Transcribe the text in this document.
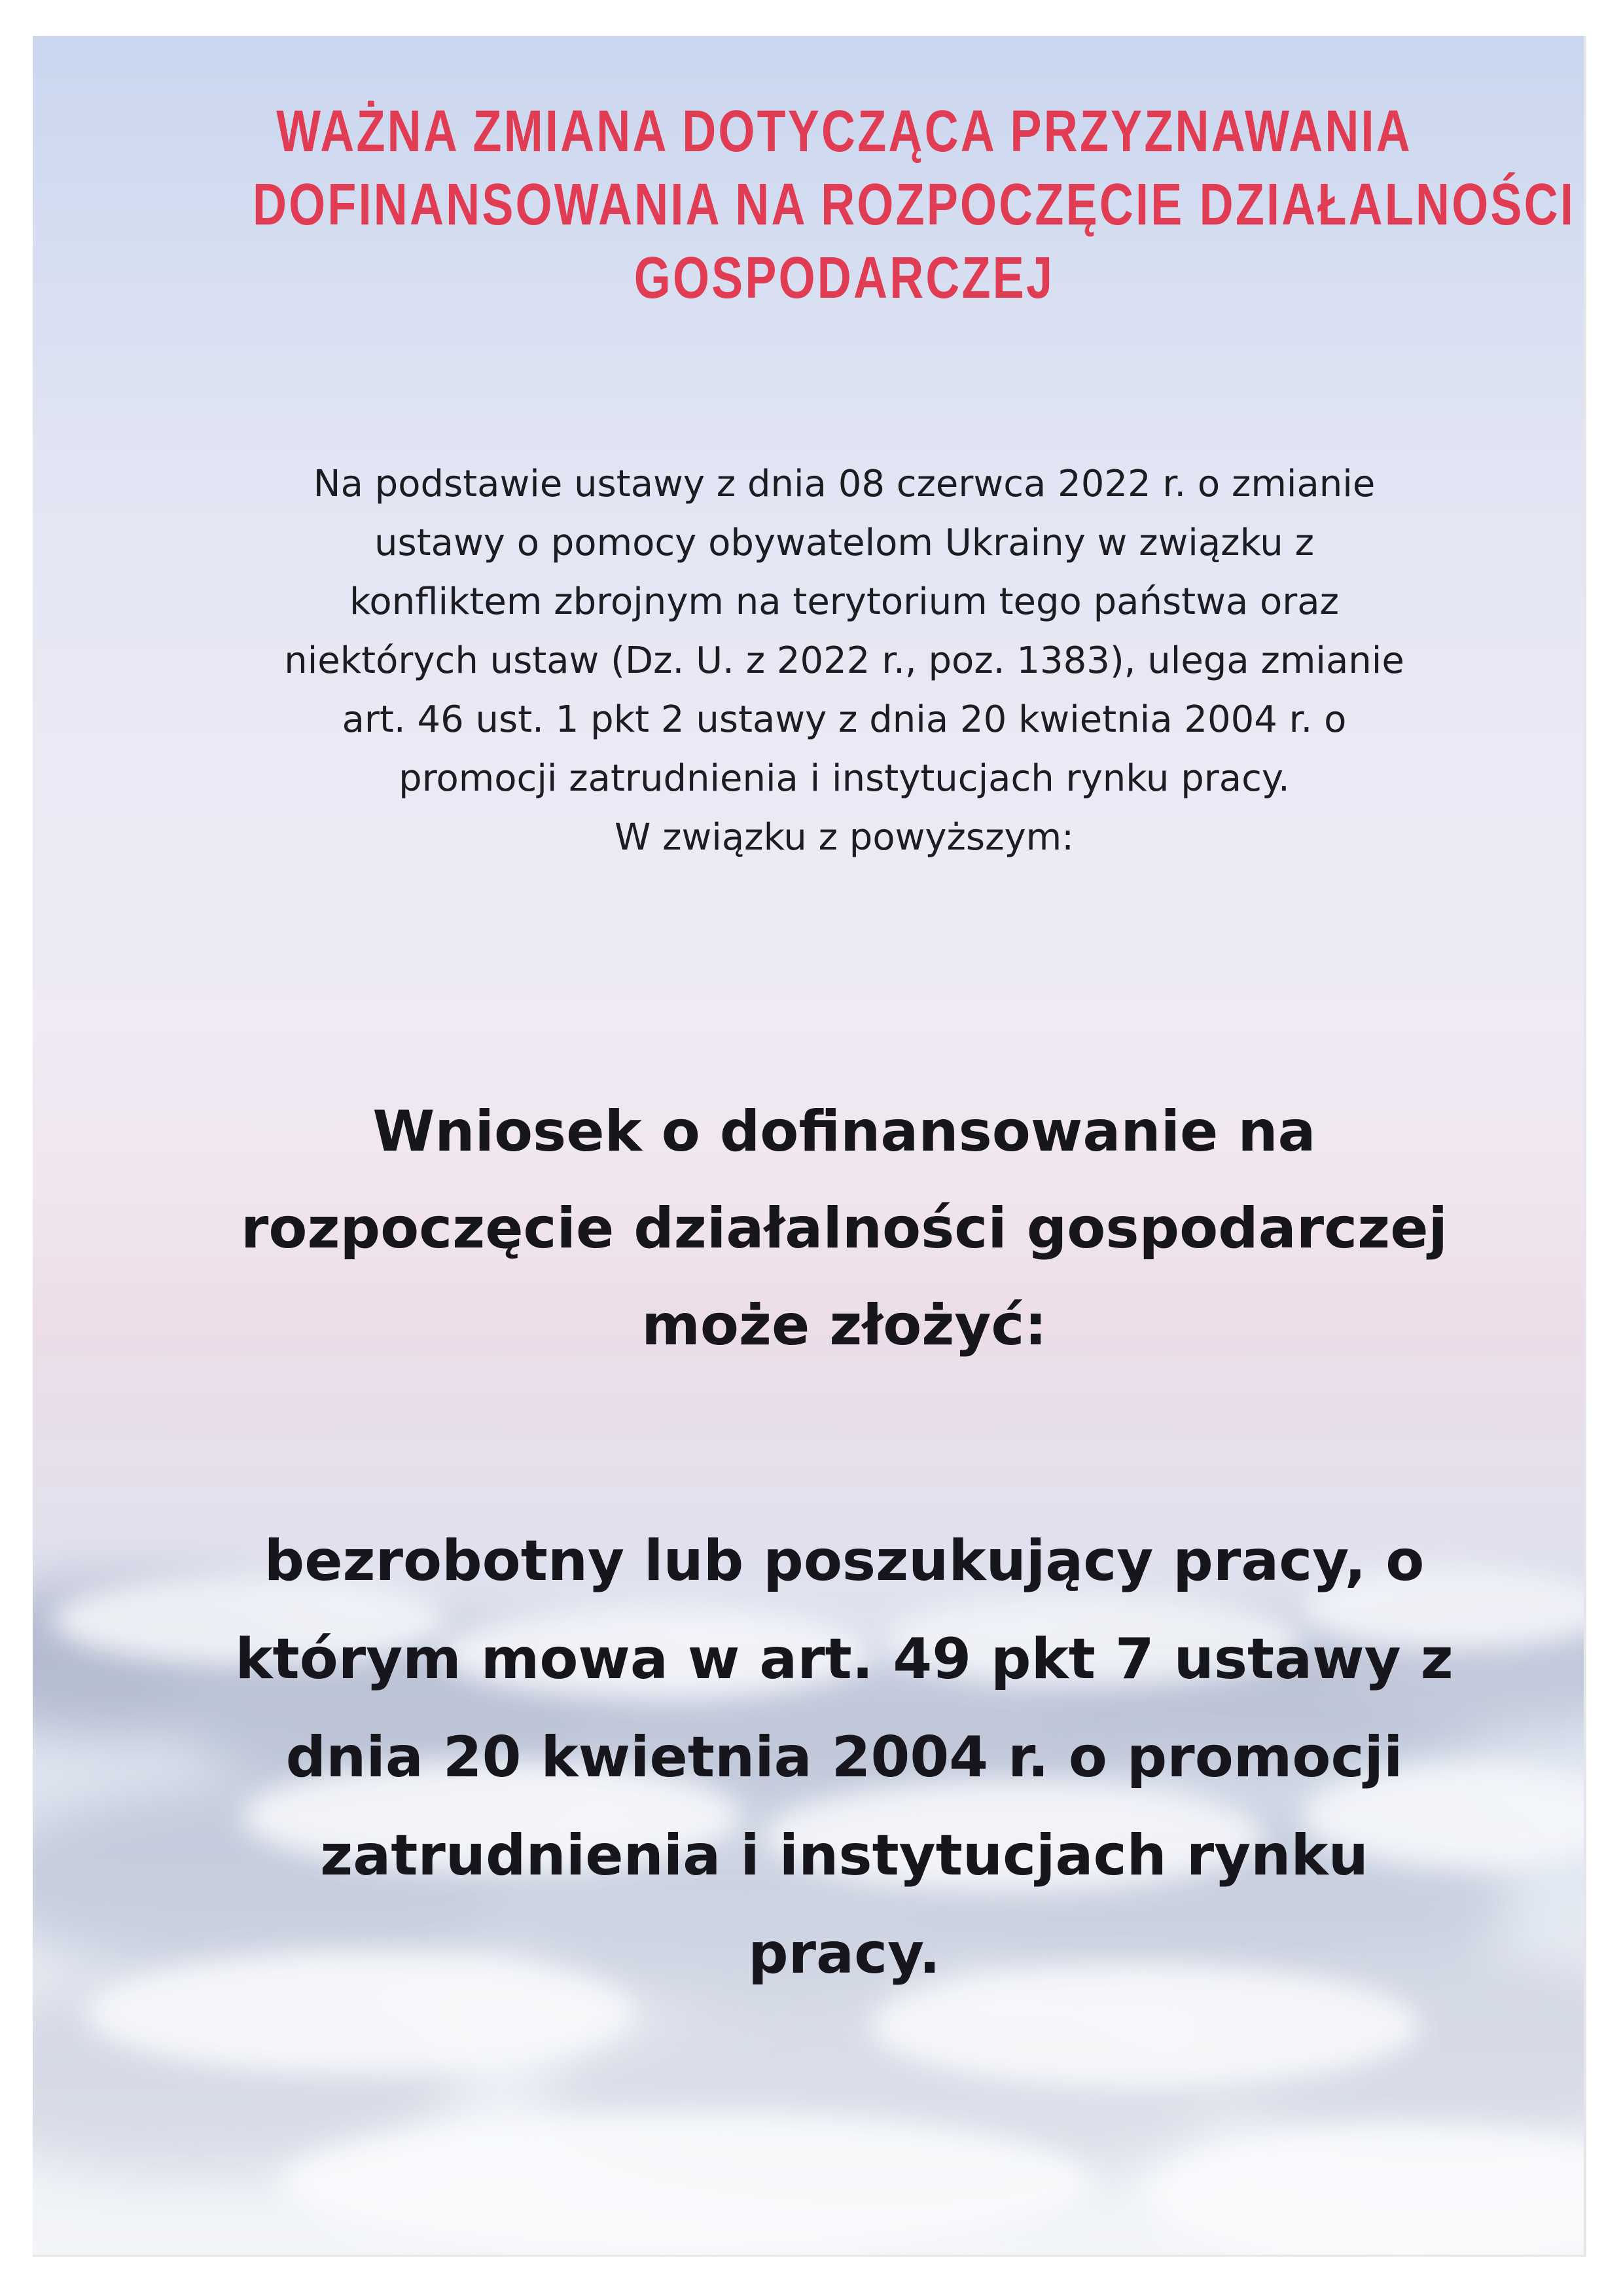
WAŻNA ZMIANA DOTYCZĄCA PRZYZNAWANIA
DOFINANSOWANIA NA ROZPOCZĘCIE DZIAŁALNOŚCI
GOSPODARCZEJ

Na podstawie ustawy z dnia 08 czerwca 2022 r. o zmianie
ustawy o pomocy obywatelom Ukrainy w związku z
konfliktem zbrojnym na terytorium tego państwa oraz
niektórych ustaw (Dz. U. z 2022 r., poz. 1383), ulega zmianie
art. 46 ust. 1 pkt 2 ustawy z dnia 20 kwietnia 2004 r. o
promocji zatrudnienia i instytucjach rynku pracy.
W związku z powyższym:

Wniosek o dofinansowanie na
rozpoczęcie działalności gospodarczej
może złożyć:

bezrobotny lub poszukujący pracy, o
którym mowa w art. 49 pkt 7 ustawy z
dnia 20 kwietnia 2004 r. o promocji
zatrudnienia i instytucjach rynku
pracy.
